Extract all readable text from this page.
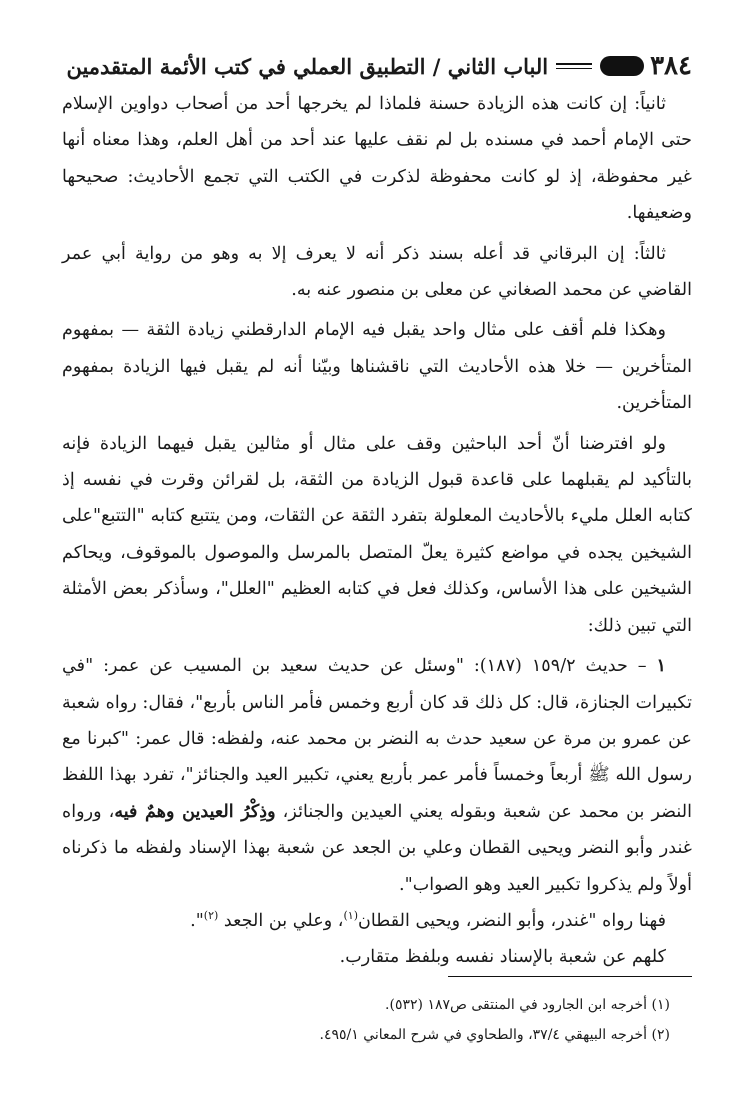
٣٨٤
الباب الثاني / التطبيق العملي في كتب الأئمة المتقدمين

ثانياً: إن كانت هذه الزيادة حسنة فلماذا لم يخرجها أحد من أصحاب دواوين الإسلام حتى الإمام أحمد في مسنده بل لم نقف عليها عند أحد من أهل العلم، وهذا معناه أنها غير محفوظة، إذ لو كانت محفوظة لذكرت في الكتب التي تجمع الأحاديث: صحيحها وضعيفها.

ثالثاً: إن البرقاني قد أعله بسند ذكر أنه لا يعرف إلا به وهو من رواية أبي عمر القاضي عن محمد الصغاني عن معلى بن منصور عنه به.

وهكذا فلم أقف على مثال واحد يقبل فيه الإمام الدارقطني زيادة الثقة — بمفهوم المتأخرين — خلا هذه الأحاديث التي ناقشناها وبيّنا أنه لم يقبل فيها الزيادة بمفهوم المتأخرين.

ولو افترضنا أنّ أحد الباحثين وقف على مثال أو مثالين يقبل فيهما الزيادة فإنه بالتأكيد لم يقبلهما على قاعدة قبول الزيادة من الثقة، بل لقرائن وقرت في نفسه إذ كتابه العلل مليء بالأحاديث المعلولة بتفرد الثقة عن الثقات، ومن يتتبع كتابه "التتبع"على الشيخين يجده في مواضع كثيرة يعلّ المتصل بالمرسل والموصول بالموقوف، ويحاكم الشيخين على هذا الأساس، وكذلك فعل في كتابه العظيم "العلل"، وسأذكر بعض الأمثلة التي تبين ذلك:

١ – حديث ١٥٩/٢ (١٨٧): "وسئل عن حديث سعيد بن المسيب عن عمر: "في تكبيرات الجنازة، قال: كل ذلك قد كان أربع وخمس فأمر الناس بأربع"، فقال: رواه شعبة عن عمرو بن مرة عن سعيد حدث به النضر بن محمد عنه، ولفظه: قال عمر: "كبرنا مع رسول الله ﷺ أربعاً وخمساً فأمر عمر بأربع يعني، تكبير العيد والجنائز"، تفرد بهذا اللفظ النضر بن محمد عن شعبة وبقوله يعني العيدين والجنائز، وذِكْرُ العيدين وهمٌ فيه، ورواه غندر وأبو النضر ويحيى القطان وعلي بن الجعد عن شعبة بهذا الإسناد ولفظه ما ذكرناه أولاً ولم يذكروا تكبير العيد وهو الصواب".

فهنا رواه "غندر، وأبو النضر، ويحيى القطان$^{(١)}$، وعلي بن الجعد $^{(٢)}$".

كلهم عن شعبة بالإسناد نفسه وبلفظ متقارب.

(١) أخرجه ابن الجارود في المنتقى ص١٨٧ (٥٣٢).

(٢) أخرجه البيهقي ٣٧/٤، والطحاوي في شرح المعاني ٤٩٥/١.
